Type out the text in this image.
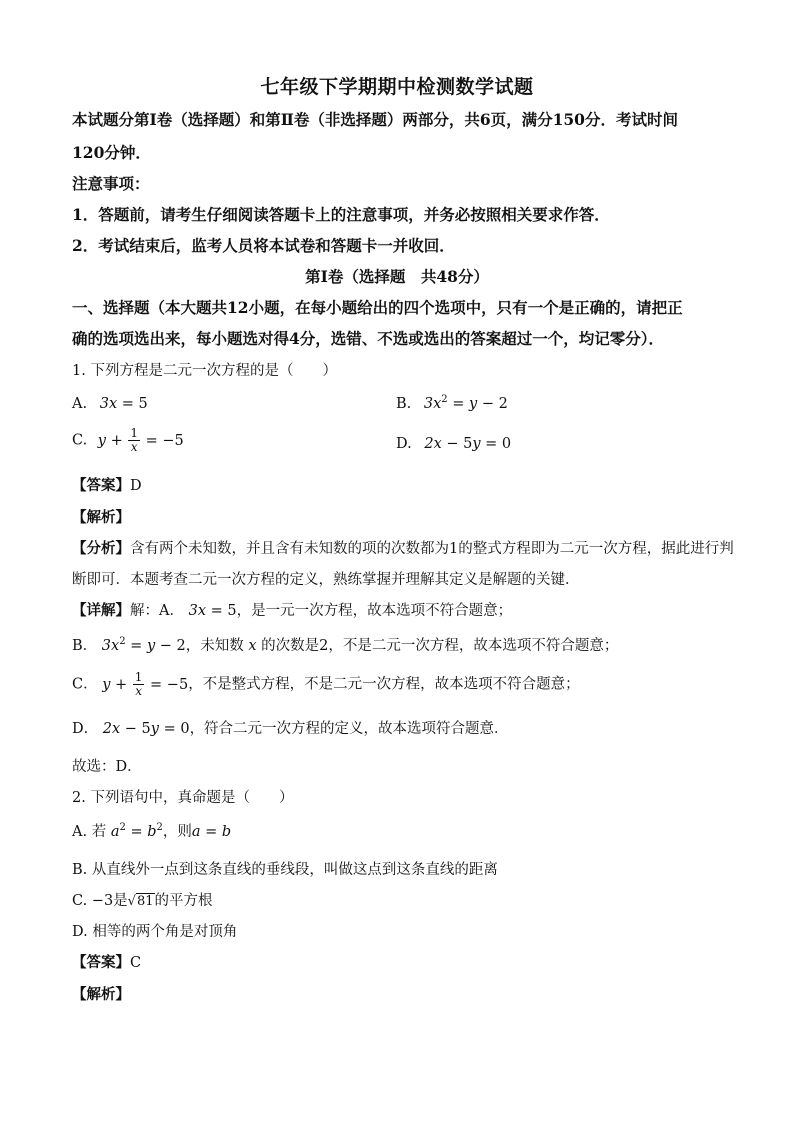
七年级下学期期中检测数学试题
本试题分第Ⅰ卷（选择题）和第Ⅱ卷（非选择题）两部分，共6页，满分150分．考试时间
120分钟．
注意事项：
1．答题前，请考生仔细阅读答题卡上的注意事项，并务必按照相关要求作答．
2．考试结束后，监考人员将本试卷和答题卡一并收回．
第Ⅰ卷（选择题　共48分）
一、选择题（本大题共12小题，在每小题给出的四个选项中，只有一个是正确的，请把正
确的选项选出来，每小题选对得4分，选错、不选或选出的答案超过一个，均记零分）．
1. 下列方程是二元一次方程的是（　　）
A. 3x = 5	B. $3x^2 = y - 2$
C. $y + \frac{1}{x} = -5$	D. 2x − 5y = 0
【答案】D
【解析】
【分析】含有两个未知数，并且含有未知数的项的次数都为1的整式方程即为二元一次方程，据此进行判
断即可．本题考查二元一次方程的定义，熟练掌握并理解其定义是解题的关键．
【详解】解：A． 3x = 5，是一元一次方程，故本选项不符合题意；
B． $3x^2 = y - 2$，未知数 x 的次数是2，不是二元一次方程，故本选项不符合题意；
C． $y + \frac{1}{x} = -5$，不是整式方程，不是二元一次方程，故本选项不符合题意；
D． 2x − 5y = 0，符合二元一次方程的定义，故本选项符合题意．
故选：D．
2. 下列语句中，真命题是（　　）
A. 若 $a^2 = b^2$，则a = b
B. 从直线外一点到这条直线的垂线段，叫做这点到这条直线的距离
C. −3是√81的平方根
D. 相等的两个角是对顶角
【答案】C
【解析】
